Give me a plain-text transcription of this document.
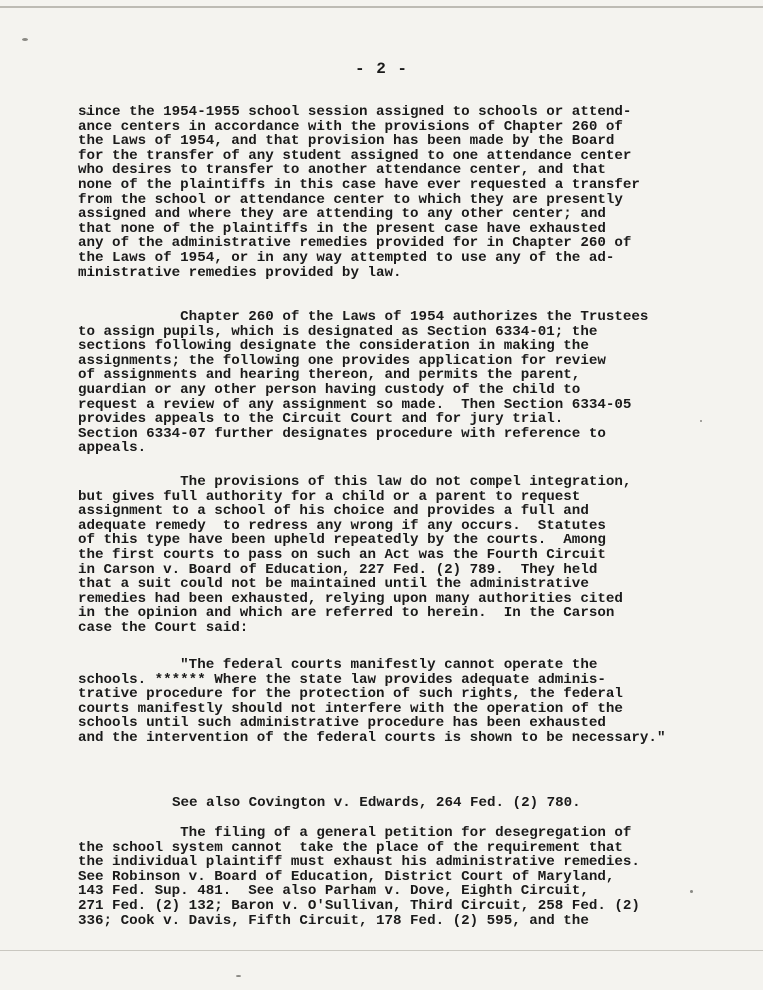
- 2 -
since the 1954-1955 school session assigned to schools or attend-
ance centers in accordance with the provisions of Chapter 260 of
the Laws of 1954, and that provision has been made by the Board
for the transfer of any student assigned to one attendance center
who desires to transfer to another attendance center, and that
none of the plaintiffs in this case have ever requested a transfer
from the school or attendance center to which they are presently
assigned and where they are attending to any other center; and
that none of the plaintiffs in the present case have exhausted
any of the administrative remedies provided for in Chapter 260 of
the Laws of 1954, or in any way attempted to use any of the ad-
ministrative remedies provided by law.
Chapter 260 of the Laws of 1954 authorizes the Trustees
to assign pupils, which is designated as Section 6334-01; the
sections following designate the consideration in making the
assignments; the following one provides application for review
of assignments and hearing thereon, and permits the parent,
guardian or any other person having custody of the child to
request a review of any assignment so made.  Then Section 6334-05
provides appeals to the Circuit Court and for jury trial.
Section 6334-07 further designates procedure with reference to
appeals.
The provisions of this law do not compel integration,
but gives full authority for a child or a parent to request
assignment to a school of his choice and provides a full and
adequate remedy  to redress any wrong if any occurs.  Statutes
of this type have been upheld repeatedly by the courts.  Among
the first courts to pass on such an Act was the Fourth Circuit
in Carson v. Board of Education, 227 Fed. (2) 789.  They held
that a suit could not be maintained until the administrative
remedies had been exhausted, relying upon many authorities cited
in the opinion and which are referred to herein.  In the Carson
case the Court said:
"The federal courts manifestly cannot operate the
schools. ****** Where the state law provides adequate adminis-
trative procedure for the protection of such rights, the federal
courts manifestly should not interfere with the operation of the
schools until such administrative procedure has been exhausted
and the intervention of the federal courts is shown to be necessary."
See also Covington v. Edwards, 264 Fed. (2) 780.
The filing of a general petition for desegregation of
the school system cannot  take the place of the requirement that
the individual plaintiff must exhaust his administrative remedies.
See Robinson v. Board of Education, District Court of Maryland,
143 Fed. Sup. 481.  See also Parham v. Dove, Eighth Circuit,
271 Fed. (2) 132; Baron v. O'Sullivan, Third Circuit, 258 Fed. (2)
336; Cook v. Davis, Fifth Circuit, 178 Fed. (2) 595, and the
